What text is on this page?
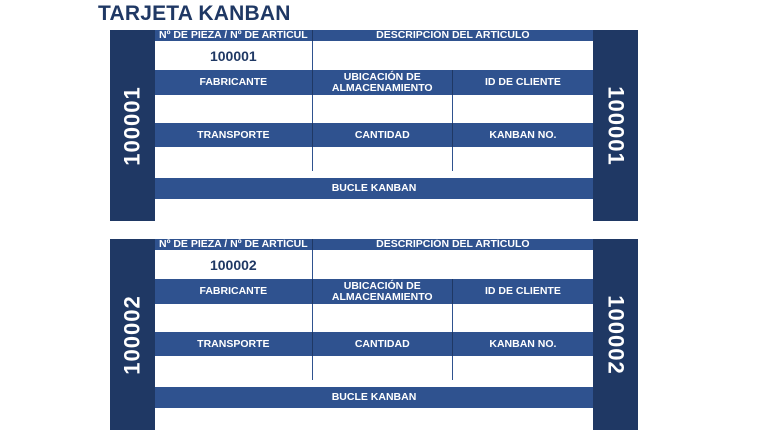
TARJETA KANBAN
100001
Nº DE PIEZA / Nº DE ARTÍCUL	DESCRIPCIÓN DEL ARTÍCULO
100001
FABRICANTE	UBICACIÓN DE ALMACENAMIENTO	ID DE CLIENTE
TRANSPORTE	CANTIDAD	KANBAN NO.
BUCLE KANBAN
100001
100002
Nº DE PIEZA / Nº DE ARTÍCUL	DESCRIPCIÓN DEL ARTÍCULO
100002
FABRICANTE	UBICACIÓN DE ALMACENAMIENTO	ID DE CLIENTE
TRANSPORTE	CANTIDAD	KANBAN NO.
BUCLE KANBAN
100002
